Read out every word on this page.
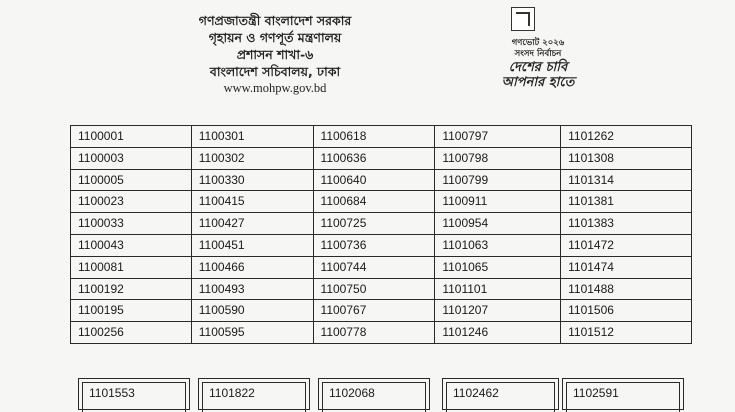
গণপ্রজাতন্ত্রী বাংলাদেশ সরকার
গৃহায়ন ও গণপূর্ত মন্ত্রণালয়
প্রশাসন শাখা-৬
বাংলাদেশ সচিবালয়, ঢাকা
www.mohpw.gov.bd
গণভোট ২০২৬
সংসদ নির্বাচন
দেশের চাবি
আপনার হাতে
1100001	1100301	1100618	1100797	1101262
1100003	1100302	1100636	1100798	1101308
1100005	1100330	1100640	1100799	1101314
1100023	1100415	1100684	1100911	1101381
1100033	1100427	1100725	1100954	1101383
1100043	1100451	1100736	1101063	1101472
1100081	1100466	1100744	1101065	1101474
1100192	1100493	1100750	1101101	1101488
1100195	1100590	1100767	1101207	1101506
1100256	1100595	1100778	1101246	1101512
1101553	1101822	1102068	1102462	1102591
